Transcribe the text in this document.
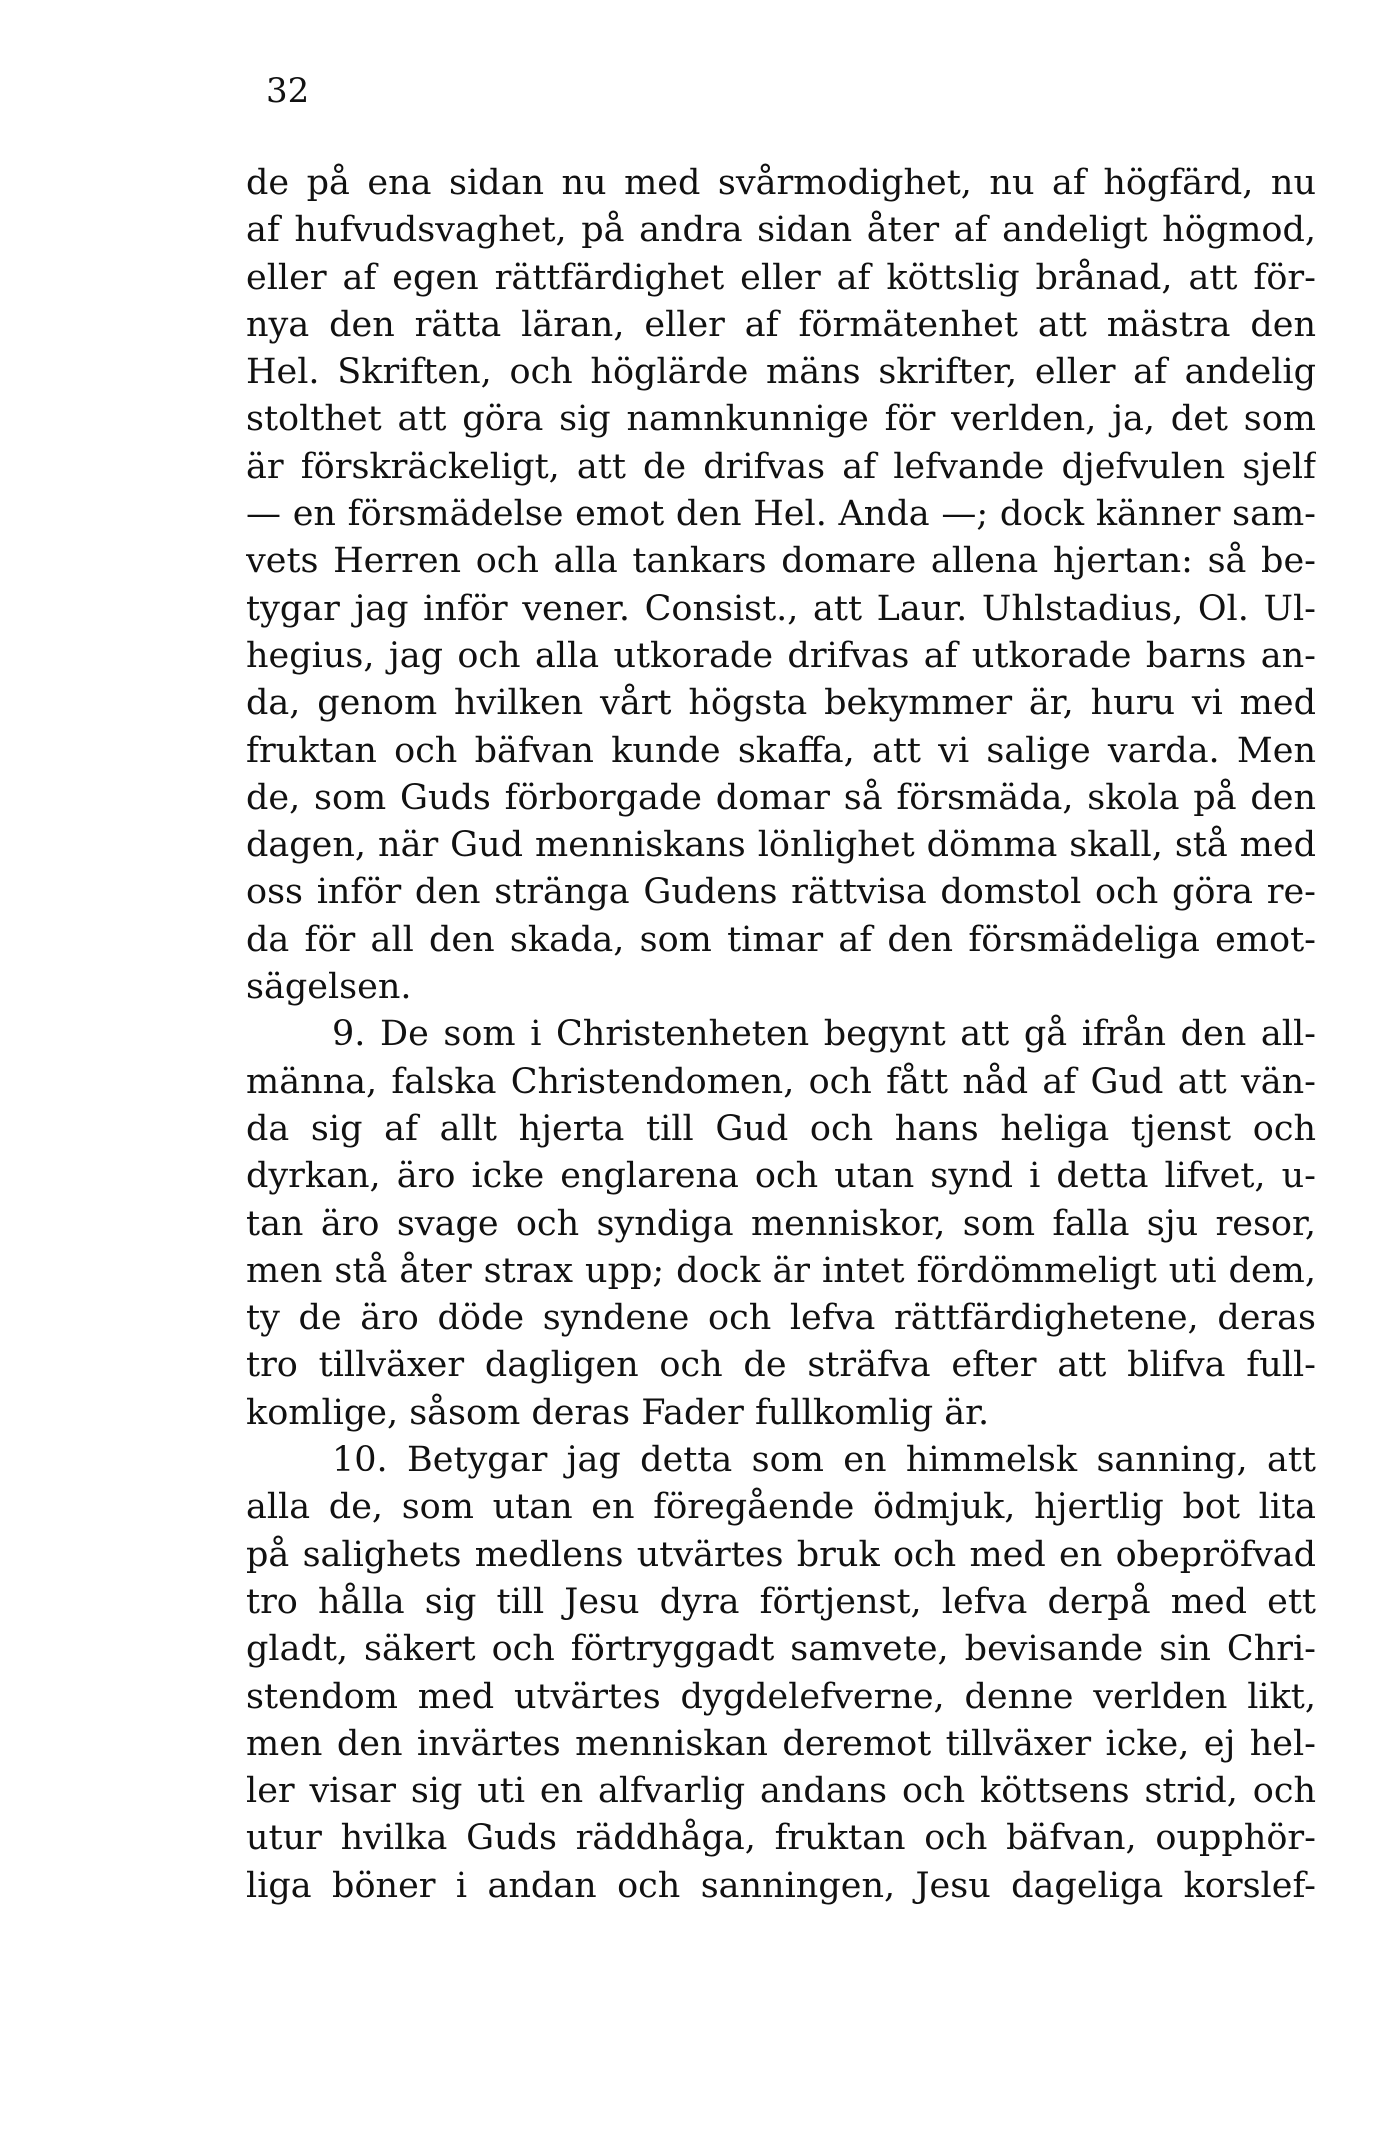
32
de på ena sidan nu med svårmodighet, nu af högfärd, nu
af hufvudsvaghet, på andra sidan åter af andeligt högmod,
eller af egen rättfärdighet eller af köttslig brånad, att för-
nya den rätta läran, eller af förmätenhet att mästra den
Hel. Skriften, och höglärde mäns skrifter, eller af andelig
stolthet att göra sig namnkunnige för verlden, ja, det som
är förskräckeligt, att de drifvas af lefvande djefvulen sjelf
— en försmädelse emot den Hel. Anda —; dock känner sam-
vets Herren och alla tankars domare allena hjertan: så be-
tygar jag inför vener. Consist., att Laur. Uhlstadius, Ol. Ul-
hegius, jag och alla utkorade drifvas af utkorade barns an-
da, genom hvilken vårt högsta bekymmer är, huru vi med
fruktan och bäfvan kunde skaffa, att vi salige varda. Men
de, som Guds förborgade domar så försmäda, skola på den
dagen, när Gud menniskans lönlighet dömma skall, stå med
oss inför den stränga Gudens rättvisa domstol och göra re-
da för all den skada, som timar af den försmädeliga emot-
sägelsen.
9. De som i Christenheten begynt att gå ifrån den all-
männa, falska Christendomen, och fått nåd af Gud att vän-
da sig af allt hjerta till Gud och hans heliga tjenst och
dyrkan, äro icke englarena och utan synd i detta lifvet, u-
tan äro svage och syndiga menniskor, som falla sju resor,
men stå åter strax upp; dock är intet fördömmeligt uti dem,
ty de äro döde syndene och lefva rättfärdighetene, deras
tro tillväxer dagligen och de sträfva efter att blifva full-
komlige, såsom deras Fader fullkomlig är.
10. Betygar jag detta som en himmelsk sanning, att
alla de, som utan en föregående ödmjuk, hjertlig bot lita
på salighets medlens utvärtes bruk och med en obepröfvad
tro hålla sig till Jesu dyra förtjenst, lefva derpå med ett
gladt, säkert och förtryggadt samvete, bevisande sin Chri-
stendom med utvärtes dygdelefverne, denne verlden likt,
men den invärtes menniskan deremot tillväxer icke, ej hel-
ler visar sig uti en alfvarlig andans och köttsens strid, och
utur hvilka Guds räddhåga, fruktan och bäfvan, oupphör-
liga böner i andan och sanningen, Jesu dageliga korslef-
